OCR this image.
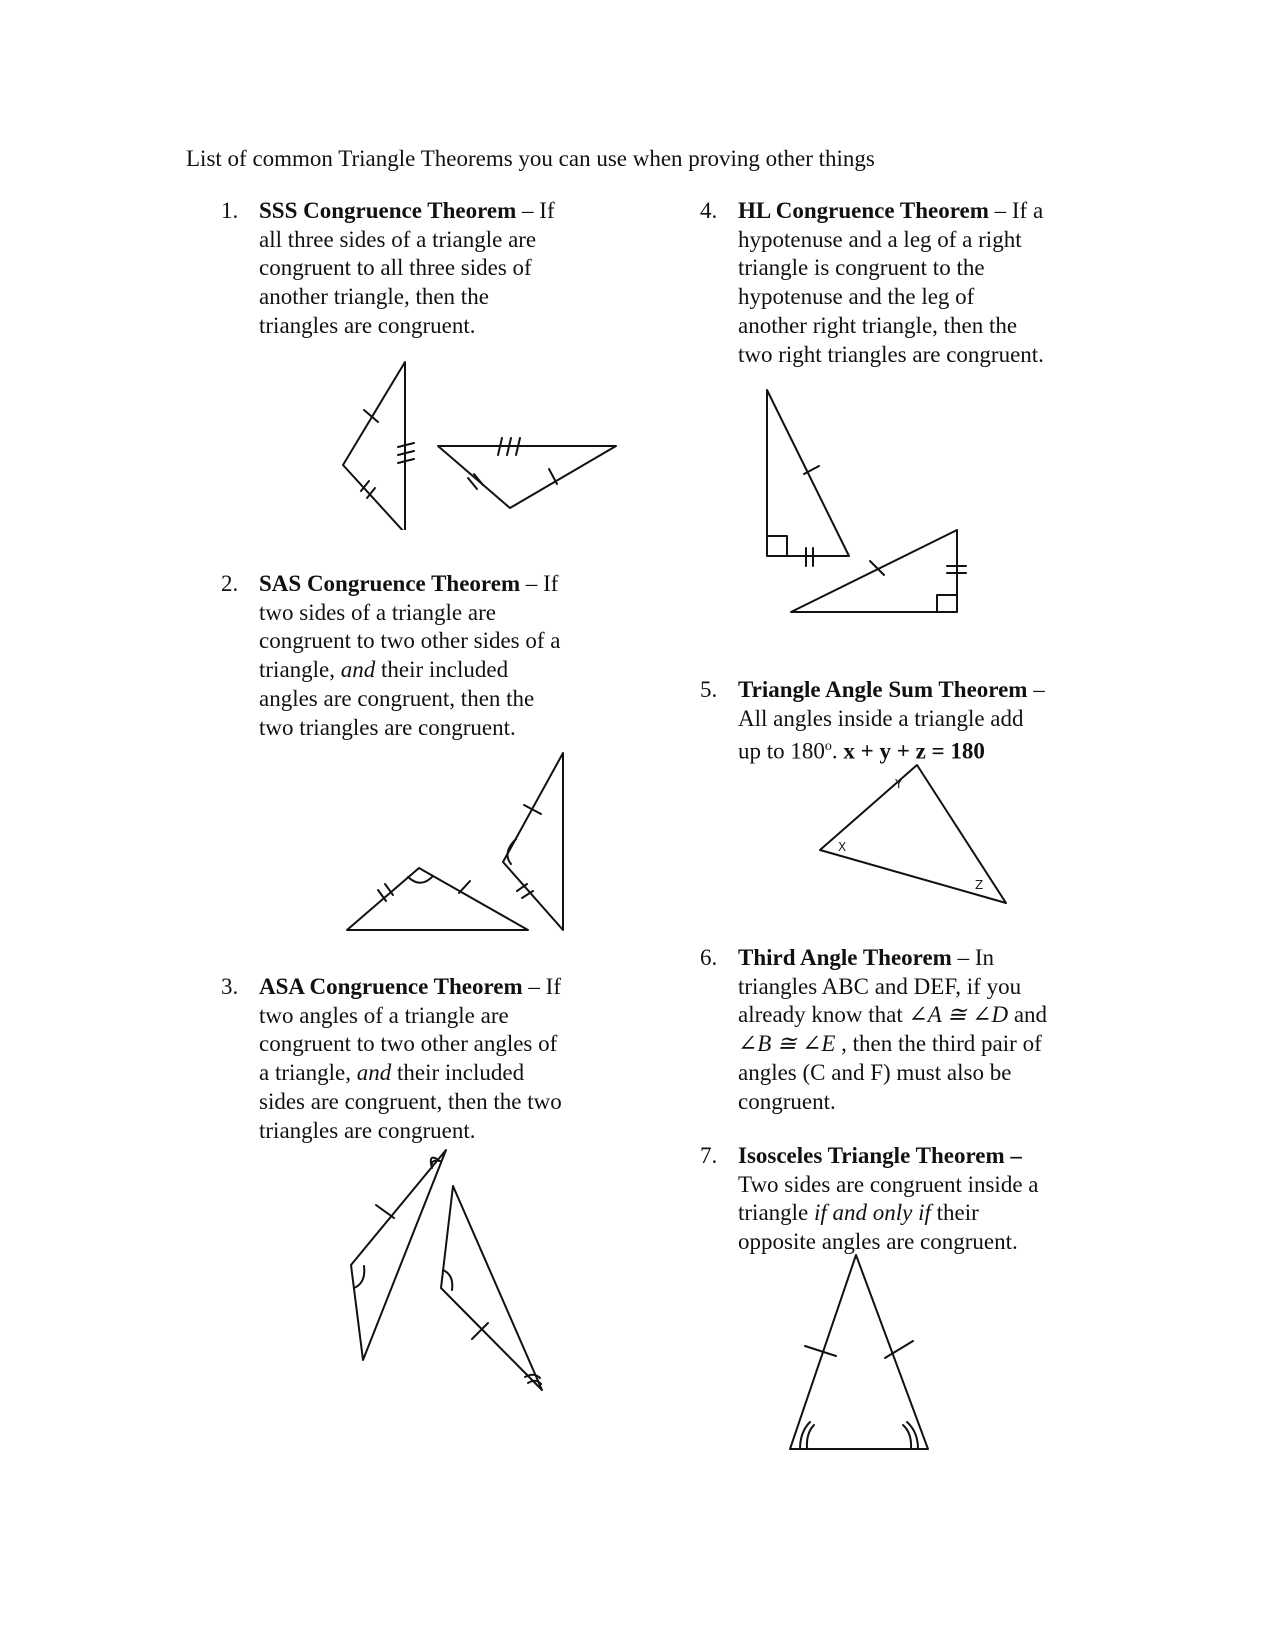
List of common Triangle Theorems you can use when proving other things
1. SSS Congruence Theorem – If
all three sides of a triangle are
congruent to all three sides of
another triangle, then the
triangles are congruent.
2. SAS Congruence Theorem – If
two sides of a triangle are
congruent to two other sides of a
triangle, and their included
angles are congruent, then the
two triangles are congruent.
3. ASA Congruence Theorem – If
two angles of a triangle are
congruent to two other angles of
a triangle, and their included
sides are congruent, then the two
triangles are congruent.
4. HL Congruence Theorem – If a
hypotenuse and a leg of a right
triangle is congruent to the
hypotenuse and the leg of
another right triangle, then the
two right triangles are congruent.
5. Triangle Angle Sum Theorem –
All angles inside a triangle add
up to 180$^o$. x + y + z = 180
X
Y
Z
6. Third Angle Theorem – In
triangles ABC and DEF, if you
already know that ∠A ≅ ∠D and
∠B ≅ ∠E , then the third pair of
angles (C and F) must also be
congruent.
7. Isosceles Triangle Theorem –
Two sides are congruent inside a
triangle if and only if their
opposite angles are congruent.
